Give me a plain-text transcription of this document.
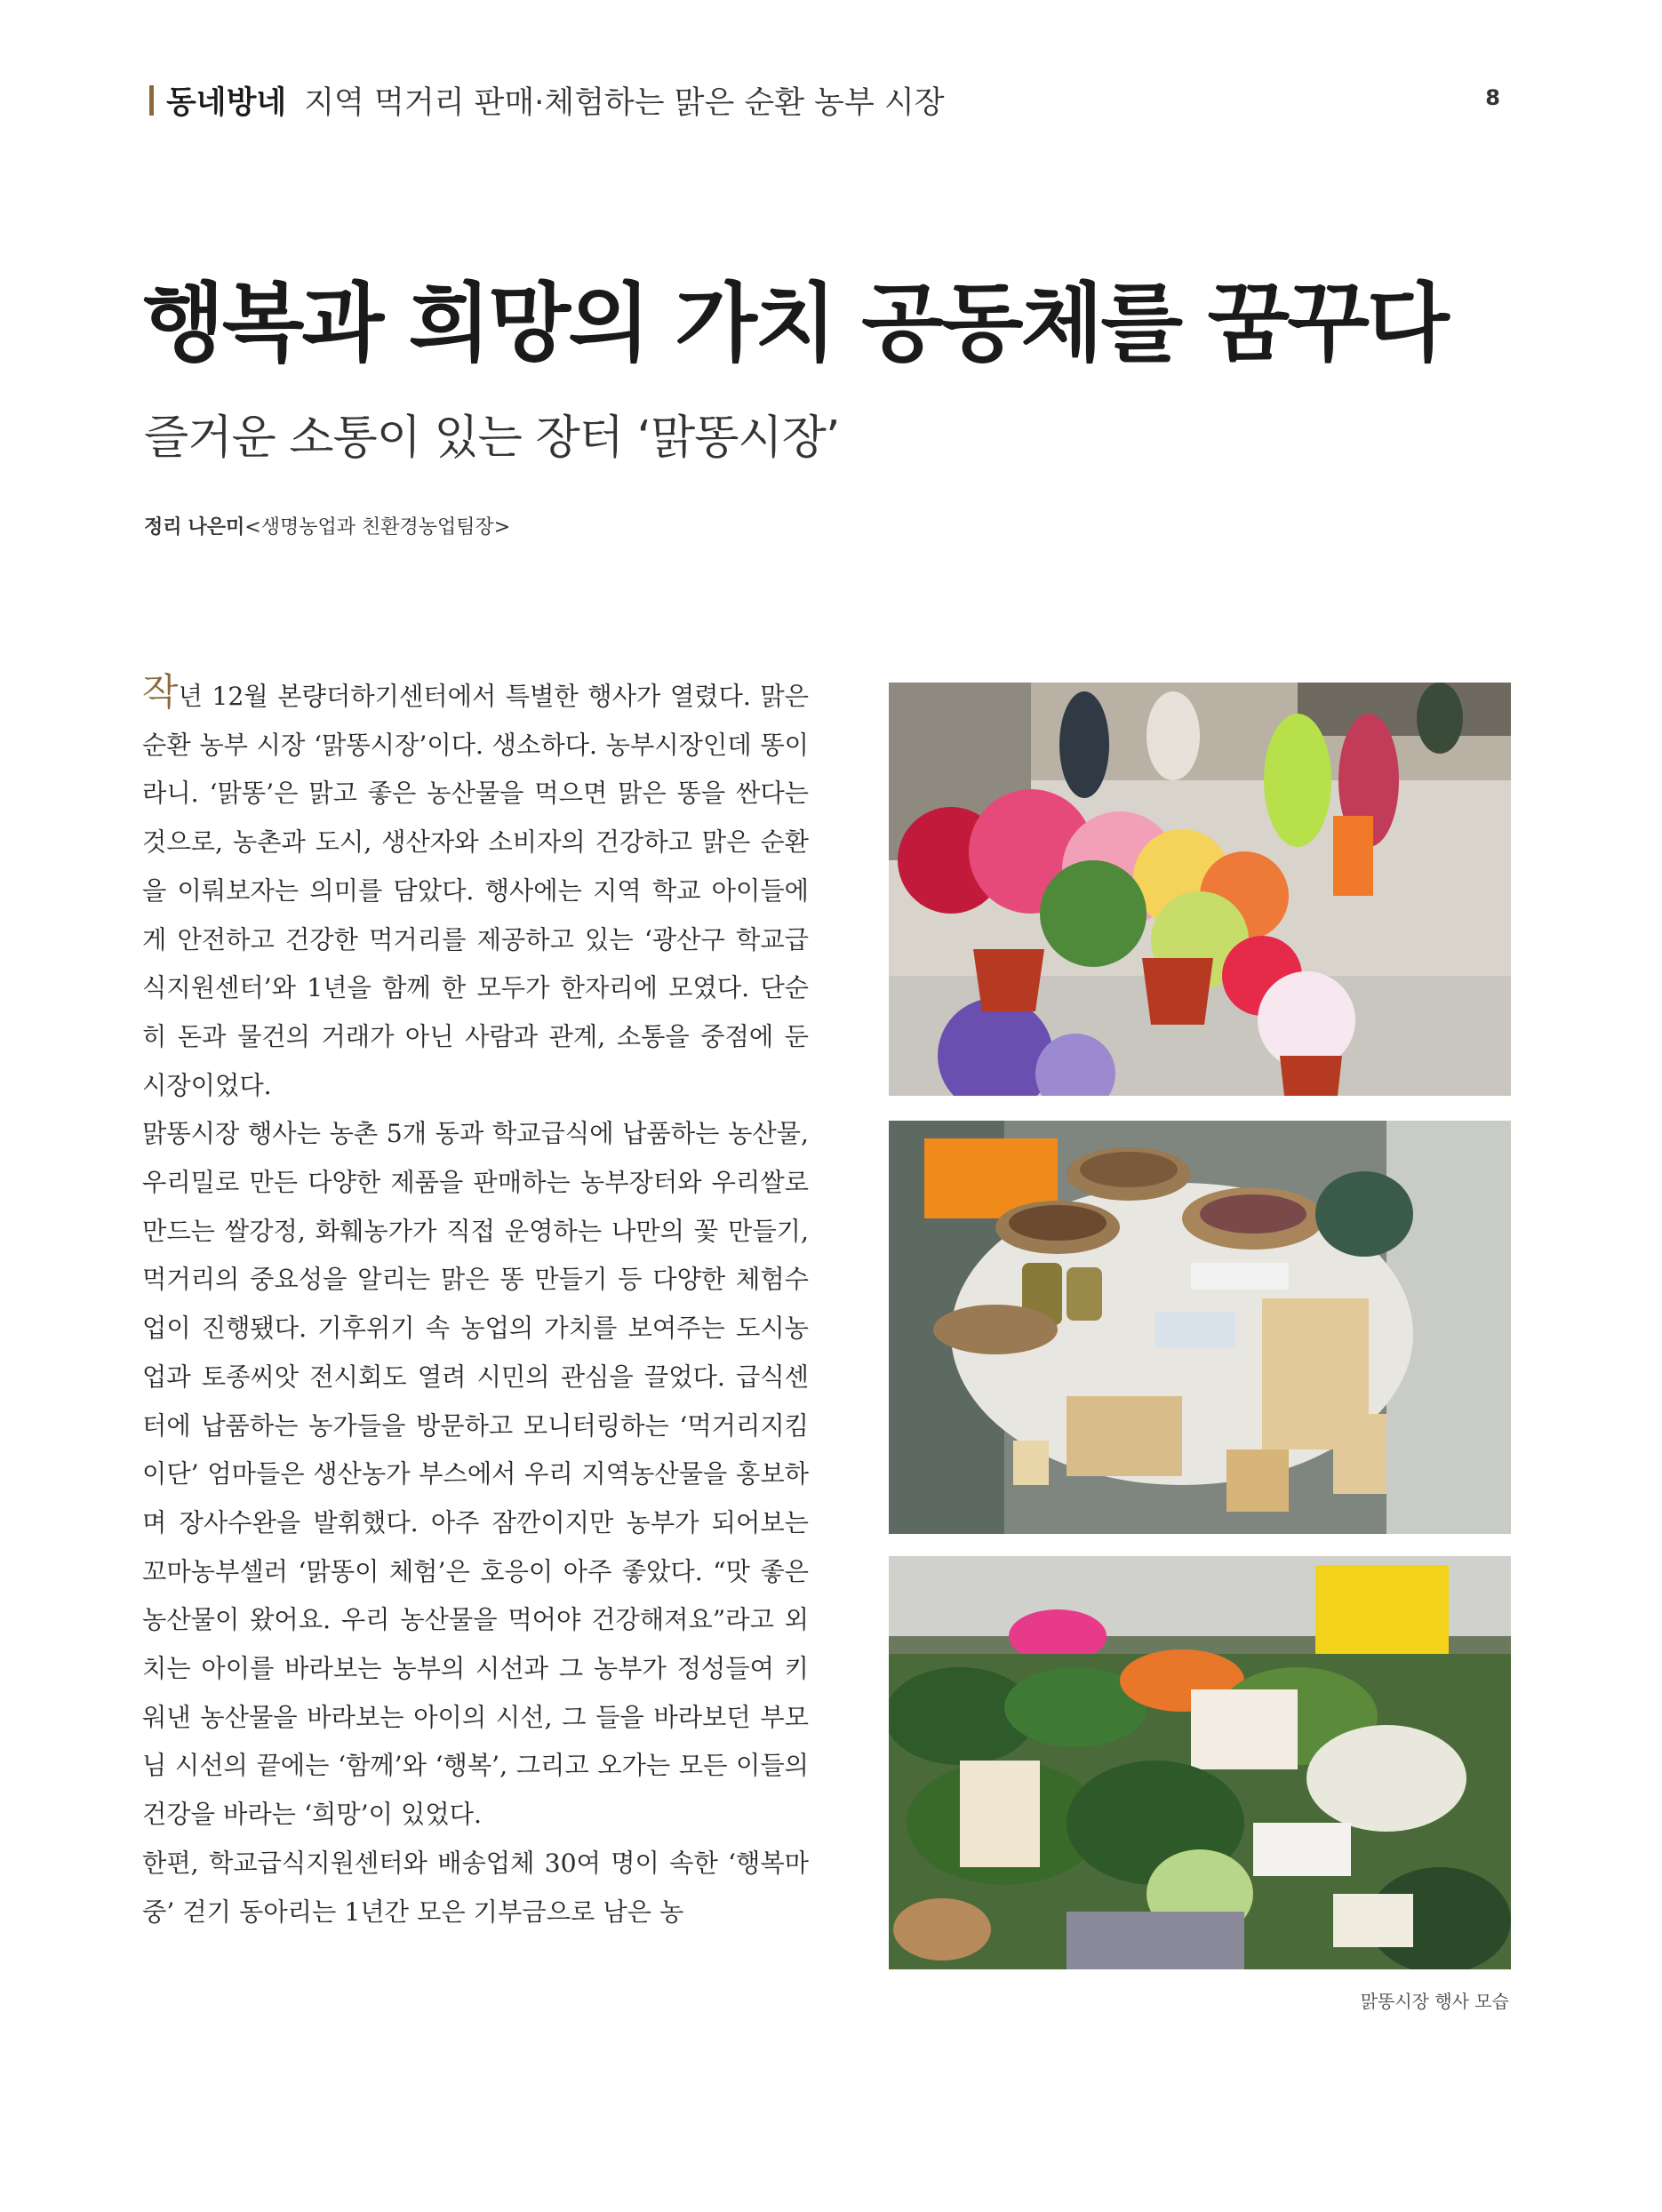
동네방네 지역 먹거리 판매·체험하는 맑은 순환 농부 시장	8
행복과 희망의 가치 공동체를 꿈꾸다
즐거운 소통이 있는 장터 ‘맑똥시장’
정리 나은미<생명농업과 친환경농업팀장>

작년 12월 본량더하기센터에서 특별한 행사가 열렸다. 맑은 순환 농부 시장 ‘맑똥시장’이다. 생소하다. 농부시장인데 똥이라니. ‘맑똥’은 맑고 좋은 농산물을 먹으면 맑은 똥을 싼다는 것으로, 농촌과 도시, 생산자와 소비자의 건강하고 맑은 순환을 이뤄보자는 의미를 담았다. 행사에는 지역 학교 아이들에게 안전하고 건강한 먹거리를 제공하고 있는 ‘광산구 학교급식지원센터’와 1년을 함께 한 모두가 한자리에 모였다. 단순히 돈과 물건의 거래가 아닌 사람과 관계, 소통을 중점에 둔 시장이었다.

맑똥시장 행사는 농촌 5개 동과 학교급식에 납품하는 농산물, 우리밀로 만든 다양한 제품을 판매하는 농부장터와 우리쌀로 만드는 쌀강정, 화훼농가가 직접 운영하는 나만의 꽃 만들기, 먹거리의 중요성을 알리는 맑은 똥 만들기 등 다양한 체험수업이 진행됐다. 기후위기 속 농업의 가치를 보여주는 도시농업과 토종씨앗 전시회도 열려 시민의 관심을 끌었다. 급식센터에 납품하는 농가들을 방문하고 모니터링하는 ‘먹거리지킴이단’ 엄마들은 생산농가 부스에서 우리 지역농산물을 홍보하며 장사수완을 발휘했다. 아주 잠깐이지만 농부가 되어보는 꼬마농부셀러 ‘맑똥이 체험’은 호응이 아주 좋았다. “맛 좋은 농산물이 왔어요. 우리 농산물을 먹어야 건강해져요”라고 외치는 아이를 바라보는 농부의 시선과 그 농부가 정성들여 키워낸 농산물을 바라보는 아이의 시선, 그 들을 바라보던 부모님 시선의 끝에는 ‘함께’와 ‘행복’, 그리고 오가는 모든 이들의 건강을 바라는 ‘희망’이 있었다.

한편, 학교급식지원센터와 배송업체 30여 명이 속한 ‘행복마중’ 걷기 동아리는 1년간 모은 기부금으로 남은 농

맑똥시장 행사 모습
